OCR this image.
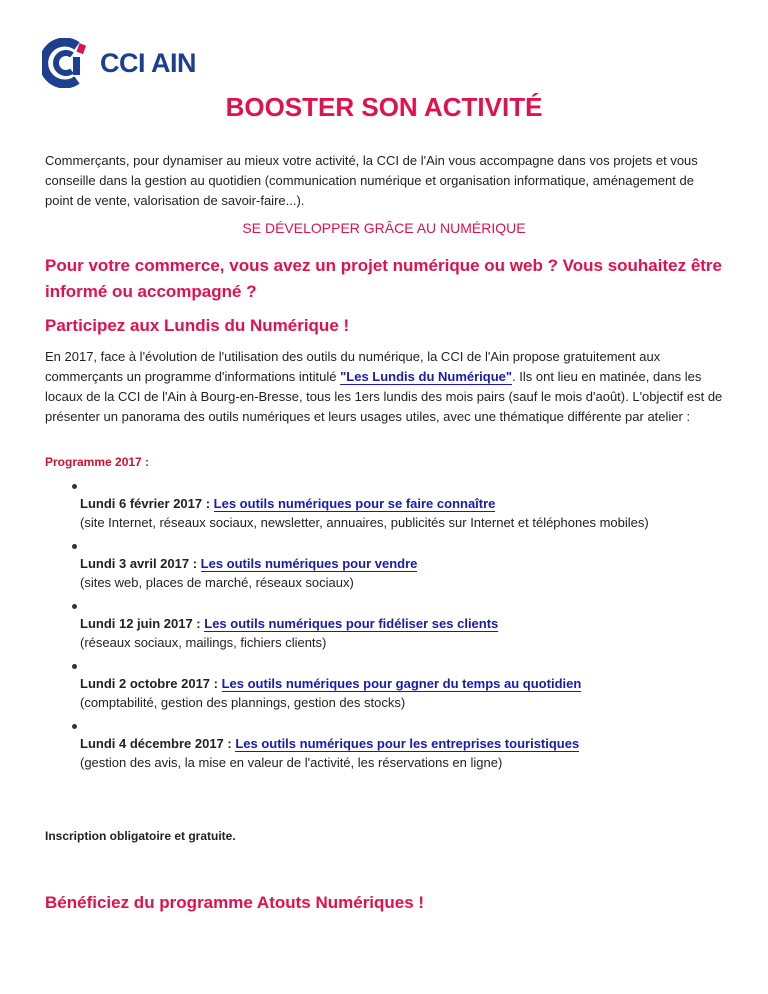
CCI AIN
BOOSTER SON ACTIVITÉ

Commerçants, pour dynamiser au mieux votre activité, la CCI de l'Ain vous accompagne dans vos projets et vous conseille dans la gestion au quotidien (communication numérique et organisation informatique, aménagement de point de vente, valorisation de savoir-faire...).

SE DÉVELOPPER GRÂCE AU NUMÉRIQUE

Pour votre commerce, vous avez un projet numérique ou web ? Vous souhaitez être informé ou accompagné ?
Participez aux Lundis du Numérique !

En 2017, face à l'évolution de l'utilisation des outils du numérique, la CCI de l'Ain propose gratuitement aux commerçants un programme d'informations intitulé "Les Lundis du Numérique". Ils ont lieu en matinée, dans les locaux de la CCI de l'Ain à Bourg-en-Bresse, tous les 1ers lundis des mois pairs (sauf le mois d'août). L'objectif est de présenter un panorama des outils numériques et leurs usages utiles, avec une thématique différente par atelier :

Programme 2017 :

Lundi 6 février 2017 : Les outils numériques pour se faire connaître
(site Internet, réseaux sociaux, newsletter, annuaires, publicités sur Internet et téléphones mobiles)
Lundi 3 avril 2017 : Les outils numériques pour vendre
(sites web, places de marché, réseaux sociaux)
Lundi 12 juin 2017 : Les outils numériques pour fidéliser ses clients
(réseaux sociaux, mailings, fichiers clients)
Lundi 2 octobre 2017 : Les outils numériques pour gagner du temps au quotidien
(comptabilité, gestion des plannings, gestion des stocks)
Lundi 4 décembre 2017 : Les outils numériques pour les entreprises touristiques
(gestion des avis, la mise en valeur de l'activité, les réservations en ligne)

Inscription obligatoire et gratuite.

Bénéficiez du programme Atouts Numériques !
